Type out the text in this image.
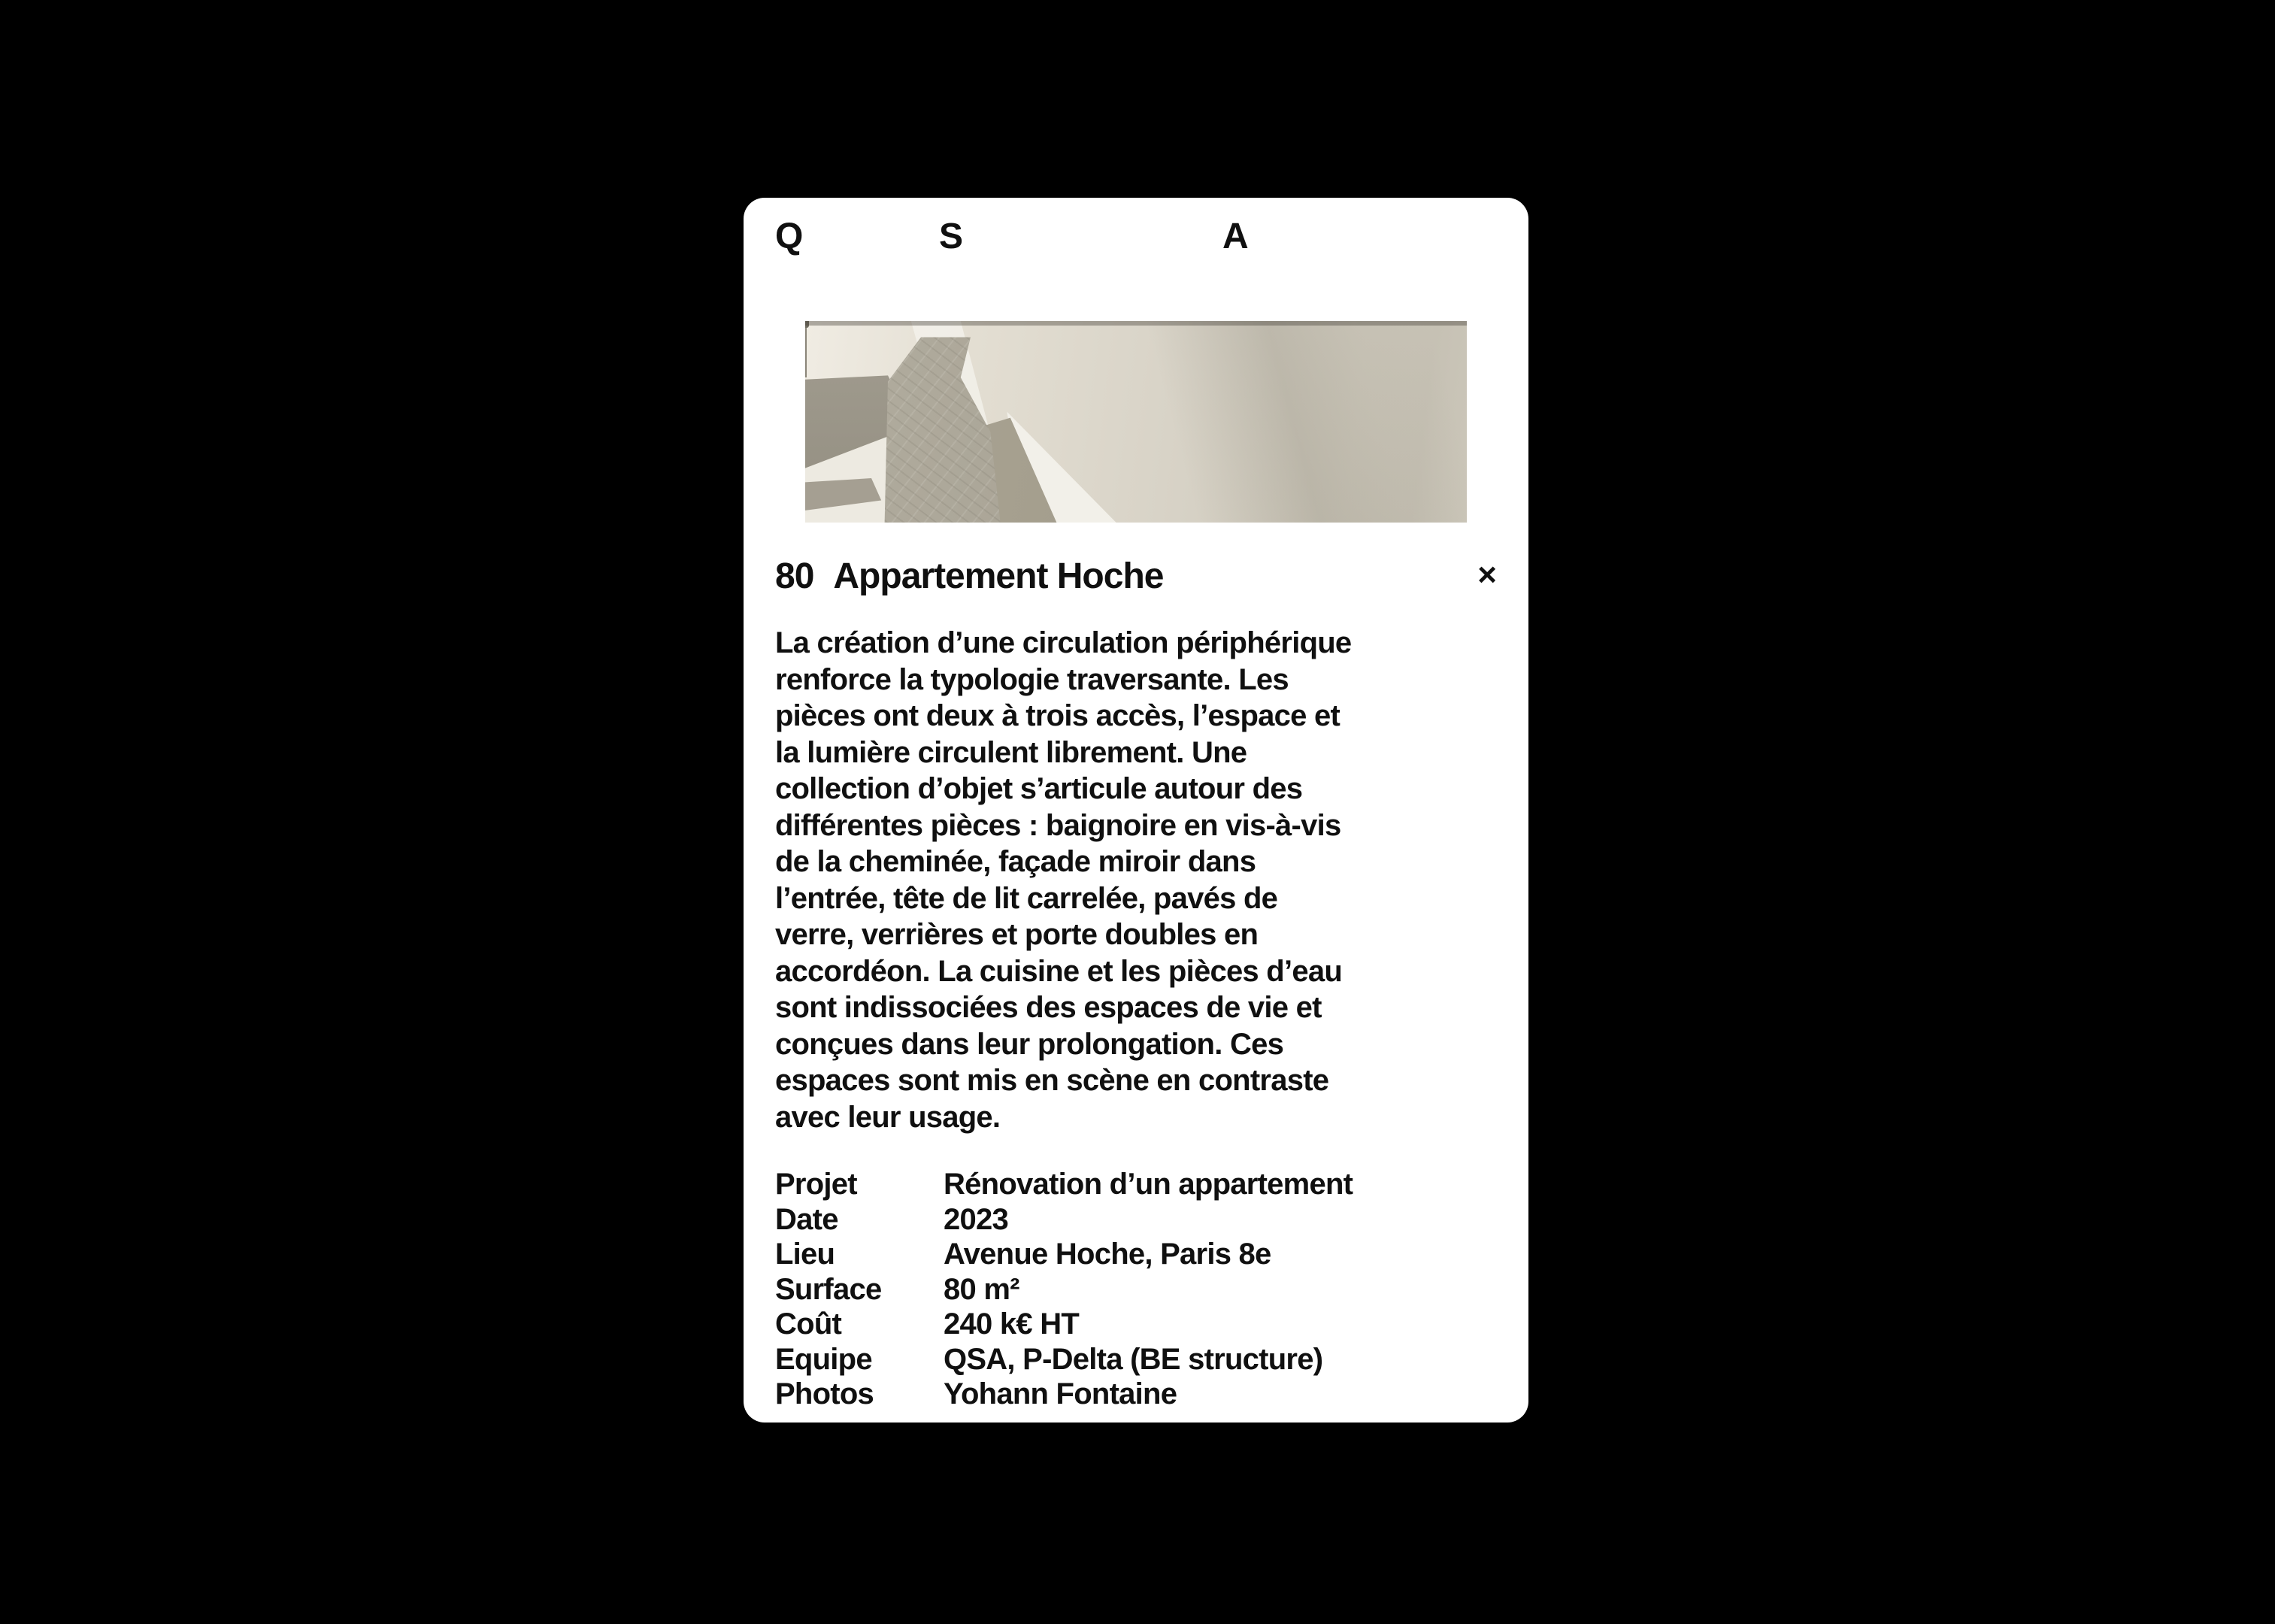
Q	S	A
80 Appartement Hoche	×
La création d’une circulation périphérique
renforce la typologie traversante. Les
pièces ont deux à trois accès, l’espace et
la lumière circulent librement. Une
collection d’objet s’articule autour des
différentes pièces : baignoire en vis-à-vis
de la cheminée, façade miroir dans
l’entrée, tête de lit carrelée, pavés de
verre, verrières et porte doubles en
accordéon. La cuisine et les pièces d’eau
sont indissociées des espaces de vie et
conçues dans leur prolongation. Ces
espaces sont mis en scène en contraste
avec leur usage.
Projet	Rénovation d’un appartement
Date	2023
Lieu	Avenue Hoche, Paris 8e
Surface	80 m²
Coût	240 k€ HT
Equipe	QSA, P-Delta (BE structure)
Photos	Yohann Fontaine
